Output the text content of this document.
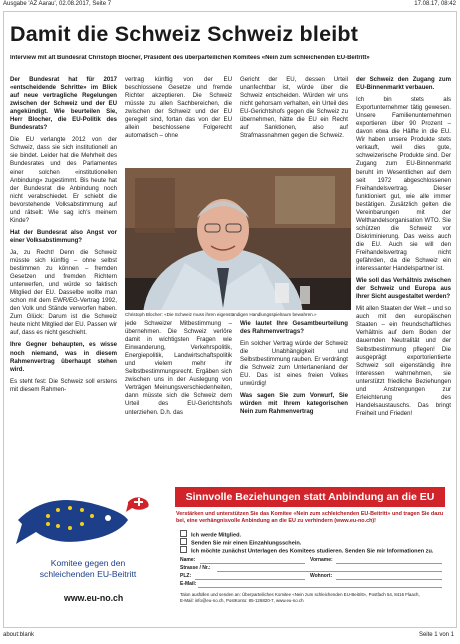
Ausgabe 'AZ Aarau', 02.08.2017, Seite 7	17.08.17, 08:42
Damit die Schweiz Schweiz bleibt
Interview mit alt Bundesrat Christoph Blocher, Präsident des überparteilichen Komitees «Nein zum schleichenden EU-Beitritt»

Der Bundesrat hat für 2017 «entscheidende Schritte» im Blick auf neue vertragliche Regelungen zwischen der Schweiz und der EU angekündigt. Wie beurteilen Sie, Herr Blocher, die EU-Politik des Bundesrats?

Die EU verlangte 2012 von der Schweiz, dass sie sich institutionell an sie bindet. Leider hat die Mehrheit des Bundesrates und des Parlamentes einer solchen «institutionellen Anbindung» zugestimmt. Bis heute hat der Bundesrat die Anbindung noch nicht verabschiedet. Er schiebt die bevorstehende Volksabstimmung auf und rätselt: Wie sag ich's meinem Kinde?

Hat der Bundesrat also Angst vor einer Volksabstimmung?

Ja, zu Recht! Denn die Schweiz müsste sich künftig – ohne selbst bestimmen zu können – fremden Gesetzen und fremden Richtern unterwerfen, und würde so faktisch Mitglied der EU. Dasselbe wollte man schon mit dem EWR/EG-Vertrag 1992, den Volk und Stände verworfen haben. Zum Glück: Darum ist die Schweiz heute nicht Mitglied der EU. Passen wir auf, dass es nicht geschieht.

Ihre Gegner behaupten, es wisse noch niemand, was in diesem Rahmenvertrag überhaupt stehen wird.

Es steht fest: Die Schweiz soll erstens mit diesem Rahmen-

vertrag künftig von der EU beschlossene Gesetze und fremde Richter akzeptieren. Die Schweiz müsste zu allen Sachbereichen, die zwischen der Schweiz und der EU geregelt sind, fortan das von der EU allein beschlossene Folgerecht automatisch – ohne

Gericht der EU, dessen Urteil unanfechtbar ist, würde über die Schweiz entscheiden. Würden wir uns nicht gehorsam verhalten, ein Urteil des EU-Gerichtshofs gegen die Schweiz zu übernehmen, hätte die EU ein Recht auf Sanktionen, also auf Strafmassnahmen gegen die Schweiz.

der Schweiz den Zugang zum EU-Binnenmarkt verbauen.

Ich bin stets als Exportunternehmer tätig gewesen. Unsere Familienunternehmen exportieren über 90 Prozent – davon etwa die Hälfte in die EU. Wir haben unsere Produkte stets verkauft, weil dies gute, schweizerische Produkte sind. Der Zugang zum EU-Binnenmarkt beruht im Wesentlichen auf dem seit 1972 abgeschlossenen Freihandelsvertrag. Dieser funktioniert gut, wie alle immer bestätigen. Zusätzlich gelten die Vereinbarungen mit der Welthandelsorganisation WTO. Sie schützen die Schweiz vor Diskriminierung. Das weiss auch die EU. Auch sie will den Freihandelsvertrag nicht gefährden, da die Schweiz ein interessanter Handelspartner ist.

Wie soll das Verhältnis zwischen der Schweiz und Europa aus Ihrer Sicht ausgestaltet werden?

Mit allen Staaten der Welt – und so auch mit den europäischen Staaten – ein freundschaftliches Verhältnis auf dem Boden der dauernden Neutralität und der Selbstbestimmung pflegen! Die ausgeprägt exportorientierte Schweiz soll eigenständig ihre Interessen wahrnehmen, sie unterstützt friedliche Beziehungen und Anstrengungen zur Erleichterung des Handelsaustauschs. Das bringt Freiheit und Frieden!

Christoph Blocher: «Die Schweiz muss ihren eigenständigen Handlungsspielraum bewahren.»

jede Schweizer Mitbestimmung – übernehmen. Die Schweiz verlöre damit in wichtigsten Fragen wie Einwanderung, Verkehrspolitik, Energiepolitik, Landwirtschaftspolitik und vielem mehr ihr Selbstbestimmungsrecht. Ergäben sich zwischen uns in der Auslegung von Verträgen Meinungsverschiedenheiten, dann müsste sich die Schweiz dem Urteil des EU-Gerichtshofs unterziehen. D.h. das

Wie lautet Ihre Gesamtbeurteilung des Rahmenvertrags?

Ein solcher Vertrag würde der Schweiz die Unabhängigkeit und Selbstbestimmung rauben. Er verdrängt die Schweiz zum Untertanenland der EU. Das ist eines freien Volkes unwürdig!

Was sagen Sie zum Vorwurf, Sie würden mit Ihrem kategorischen Nein zum Rahmenvertrag

Komitee gegen den
schleichenden EU-Beitritt
www.eu-no.ch
Sinnvolle Beziehungen statt Anbindung an die EU
Verstärken und unterstützen Sie das Komitee «Nein zum schleichenden EU-Beitritt» und tragen Sie dazu bei, eine verhängnisvolle Anbindung an die EU zu verhindern (www.eu-no.ch)!
Ich werde Mitglied.
Senden Sie mir einen Einzahlungsschein.
Ich möchte zunächst Unterlagen des Komitees studieren. Senden Sie mir Informationen zu.
Name:	Vorname:
Strasse / Nr.:
PLZ:	Wohnort:
E-Mail:
Talon ausfüllen und senden an: Überparteiliches Komitee «Nein zum schleichenden EU-Beitritt», Postfach 54, 8416 Flaach,
E-Mail: info@eu-no.ch, PostKonto: 85-126820-7, www.eu-no.ch
about:blank	Seite 1 von 1
